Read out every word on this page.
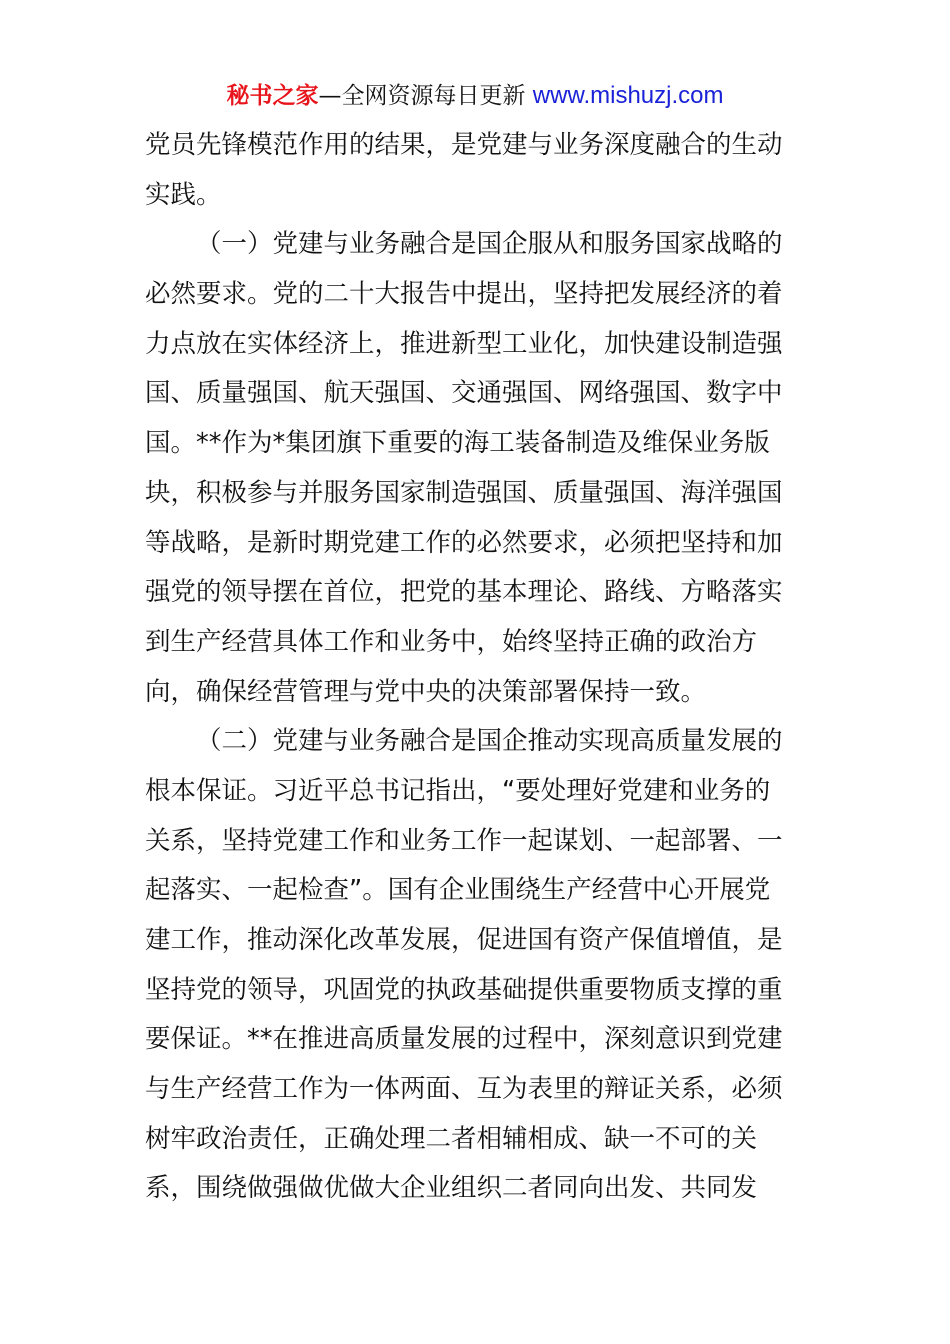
秘书之家—全网资源每日更新 www.mishuzj.com
党员先锋模范作用的结果，是党建与业务深度融合的生动
实践。
（一）党建与业务融合是国企服从和服务国家战略的
必然要求。党的二十大报告中提出，坚持把发展经济的着
力点放在实体经济上，推进新型工业化，加快建设制造强
国、质量强国、航天强国、交通强国、网络强国、数字中
国。**作为*集团旗下重要的海工装备制造及维保业务版
块，积极参与并服务国家制造强国、质量强国、海洋强国
等战略，是新时期党建工作的必然要求，必须把坚持和加
强党的领导摆在首位，把党的基本理论、路线、方略落实
到生产经营具体工作和业务中，始终坚持正确的政治方
向，确保经营管理与党中央的决策部署保持一致。
（二）党建与业务融合是国企推动实现高质量发展的
根本保证。习近平总书记指出，“要处理好党建和业务的
关系，坚持党建工作和业务工作一起谋划、一起部署、一
起落实、一起检查”。国有企业围绕生产经营中心开展党
建工作，推动深化改革发展，促进国有资产保值增值，是
坚持党的领导，巩固党的执政基础提供重要物质支撑的重
要保证。**在推进高质量发展的过程中，深刻意识到党建
与生产经营工作为一体两面、互为表里的辩证关系，必须
树牢政治责任，正确处理二者相辅相成、缺一不可的关
系，围绕做强做优做大企业组织二者同向出发、共同发
